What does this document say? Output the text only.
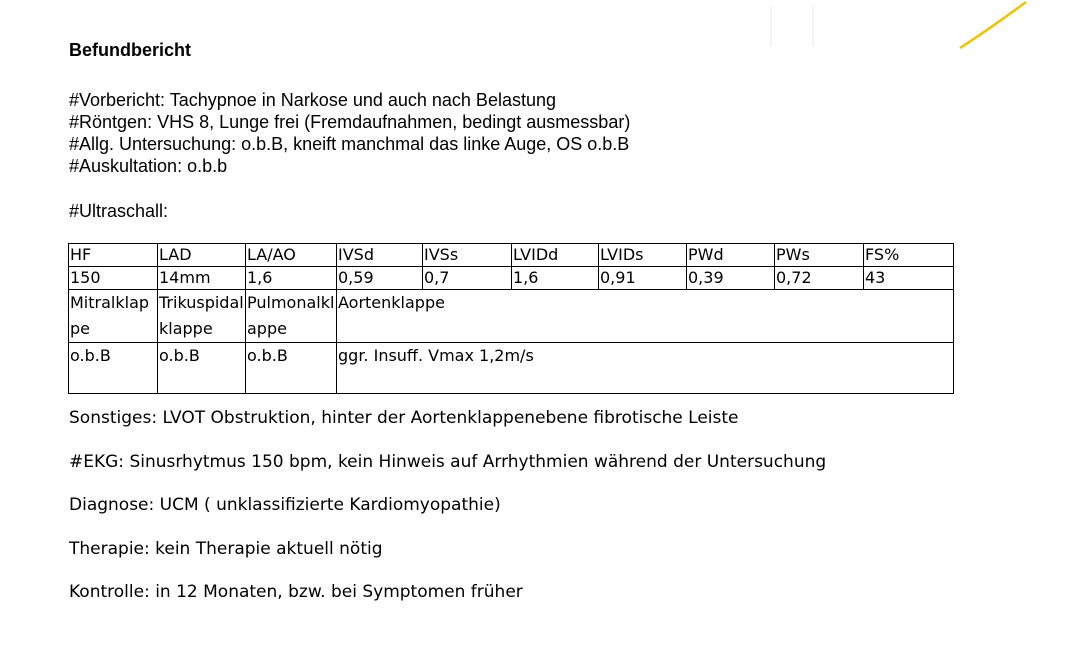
Befundbericht
#Vorbericht: Tachypnoe in Narkose und auch nach Belastung
#Röntgen: VHS 8, Lunge frei (Fremdaufnahmen, bedingt ausmessbar)
#Allg. Untersuchung: o.b.B, kneift manchmal das linke Auge, OS o.b.B
#Auskultation: o.b.b
#Ultraschall:
HF	LAD	LA/AO	IVSd	IVSs	LVIDd	LVIDs	PWd	PWs	FS%
150	14mm	1,6	0,59	0,7	1,6	0,91	0,39	0,72	43
Mitralklappe	Trikuspidalklappe	Pulmonalklappe	Aortenklappe						
o.b.B	o.b.B	o.b.B	ggr. Insuff. Vmax 1,2m/s						
Sonstiges: LVOT Obstruktion, hinter der Aortenklappenebene fibrotische Leiste
#EKG: Sinusrhytmus 150 bpm, kein Hinweis auf Arrhythmien während der Untersuchung
Diagnose: UCM ( unklassifizierte Kardiomyopathie)
Therapie: kein Therapie aktuell nötig
Kontrolle: in 12 Monaten, bzw. bei Symptomen früher
